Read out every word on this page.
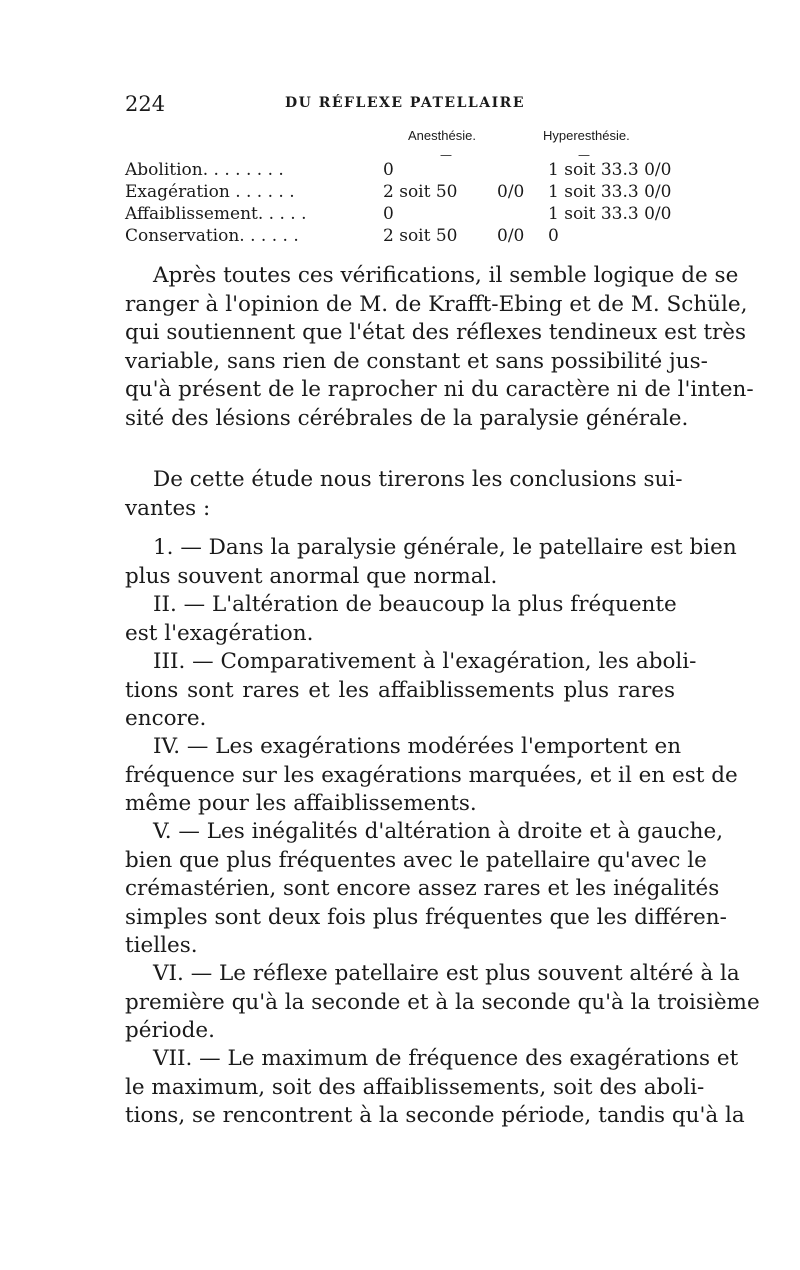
224	DU RÉFLEXE PATELLAIRE
Anesthésie.	Hyperesthésie.
—	—
Abolition. . . . . . . .	0	1 soit 33.3 0/0
Exagération . . . . . .	2 soit 50 0/0 1 soit 33.3 0/0
Affaiblissement. . . . .	0	1 soit 33.3 0/0
Conservation. . . . . .	2 soit 50 0/0 0
Après toutes ces vérifications, il semble logique de se
ranger à l'opinion de M. de Krafft-Ebing et de M. Schüle,
qui soutiennent que l'état des réflexes tendineux est très
variable, sans rien de constant et sans possibilité jus-
qu'à présent de le raprocher ni du caractère ni de l'inten-
sité des lésions cérébrales de la paralysie générale.
De cette étude nous tirerons les conclusions sui-
vantes :
1. — Dans la paralysie générale, le patellaire est bien
plus souvent anormal que normal.
II. — L'altération de beaucoup la plus fréquente
est l'exagération.
III. — Comparativement à l'exagération, les aboli-
tions sont rares et les affaiblissements plus rares
encore.
IV. — Les exagérations modérées l'emportent en
fréquence sur les exagérations marquées, et il en est de
même pour les affaiblissements.
V. — Les inégalités d'altération à droite et à gauche,
bien que plus fréquentes avec le patellaire qu'avec le
crémastérien, sont encore assez rares et les inégalités
simples sont deux fois plus fréquentes que les différen-
tielles.
VI. — Le réflexe patellaire est plus souvent altéré à la
première qu'à la seconde et à la seconde qu'à la troisième
période.
VII. — Le maximum de fréquence des exagérations et
le maximum, soit des affaiblissements, soit des aboli-
tions, se rencontrent à la seconde période, tandis qu'à la
